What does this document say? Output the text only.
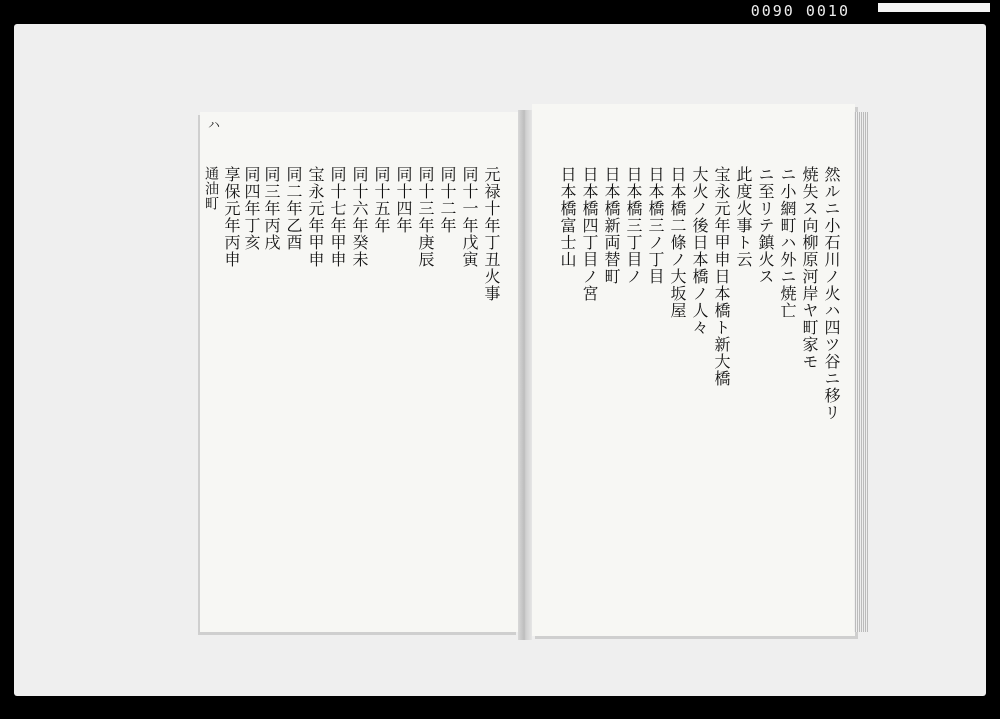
0090 0010
ハ
元禄十年丁丑火事
同十一年戊寅
同十二年
同十三年庚辰
同十四年
同十五年
同十六年癸未
同十七年甲申
宝永元年甲申
同二年乙酉
同三年丙戌
同四年丁亥
享保元年丙申
通油町	然ルニ小石川ノ火ハ四ツ谷ニ移リ
焼失ス向柳原河岸ヤ町家モ
ニ小網町ハ外ニ焼亡
ニ至リテ鎮火ス
此度火事ト云
宝永元年甲申日本橋ト新大橋
大火ノ後日本橋ノ人々
日本橋二條ノ大坂屋
日本橋三ノ丁目
日本橋三丁目ノ
日本橋新両替町
日本橋四丁目ノ宮
日本橋富士山
